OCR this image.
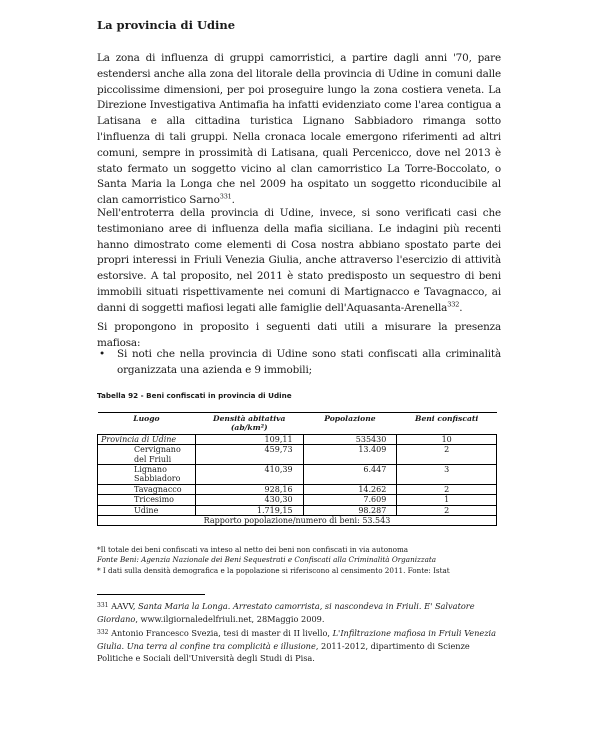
La provincia di Udine

La zona di influenza di gruppi camorristici, a partire dagli anni '70, pare estendersi anche alla zona del litorale della provincia di Udine in comuni dalle piccolissime dimensioni, per poi proseguire lungo la zona costiera veneta. La Direzione Investigativa Antimafia ha infatti evidenziato come l'area contigua a Latisana e alla cittadina turistica Lignano Sabbiadoro rimanga sotto l'influenza di tali gruppi. Nella cronaca locale emergono riferimenti ad altri comuni, sempre in prossimità di Latisana, quali Percenicco, dove nel 2013 è stato fermato un soggetto vicino al clan camorristico La Torre-Boccolato, o Santa Maria la Longa che nel 2009 ha ospitato un soggetto riconducibile al clan camorristico Sarno$^{331}$.

Nell'entroterra della provincia di Udine, invece, si sono verificati casi che testimoniano aree di influenza della mafia siciliana. Le indagini più recenti hanno dimostrato come elementi di Cosa nostra abbiano spostato parte dei propri interessi in Friuli Venezia Giulia, anche attraverso l'esercizio di attività estorsive. A tal proposito, nel 2011 è stato predisposto un sequestro di beni immobili situati rispettivamente nei comuni di Martignacco e Tavagnacco, ai danni di soggetti mafiosi legati alle famiglie dell'Aquasanta-Arenella$^{332}$.

Si propongono in proposito i seguenti dati utili a misurare la presenza mafiosa:

• Si noti che nella provincia di Udine sono stati confiscati alla criminalità organizzata una azienda e 9 immobili;

Tabella 92 - Beni confiscati in provincia di Udine

Luogo	Densità abitativa (ab/km²)	Popolazione	Beni confiscati
Provincia di Udine	109,11	535430	10
Cervignano del Friuli	459,73	13.409	2
Lignano Sabbiadoro	410,39	6.447	3
Tavagnacco	928,16	14.262	2
Tricesimo	430,30	7.609	1
Udine	1.719,15	98.287	2
Rapporto popolazione/numero di beni: 53.543			

*Il totale dei beni confiscati va inteso al netto dei beni non confiscati in via autonoma

Fonte Beni: Agenzia Nazionale dei Beni Sequestrati e Confiscati alla Criminalità Organizzata

* I dati sulla densità demografica e la popolazione si riferiscono al censimento 2011. Fonte: Istat

$^{331}$ AAVV, Santa Maria la Longa. Arrestato camorrista, si nascondeva in Friuli. E' Salvatore Giordano, www.ilgiornaledelfriuli.net, 28Maggio 2009.

$^{332}$ Antonio Francesco Svezia, tesi di master di II livello, L'Infiltrazione mafiosa in Friuli Venezia Giulia. Una terra al confine tra complicità e illusione, 2011-2012, dipartimento di Scienze Politiche e Sociali dell'Università degli Studi di Pisa.
